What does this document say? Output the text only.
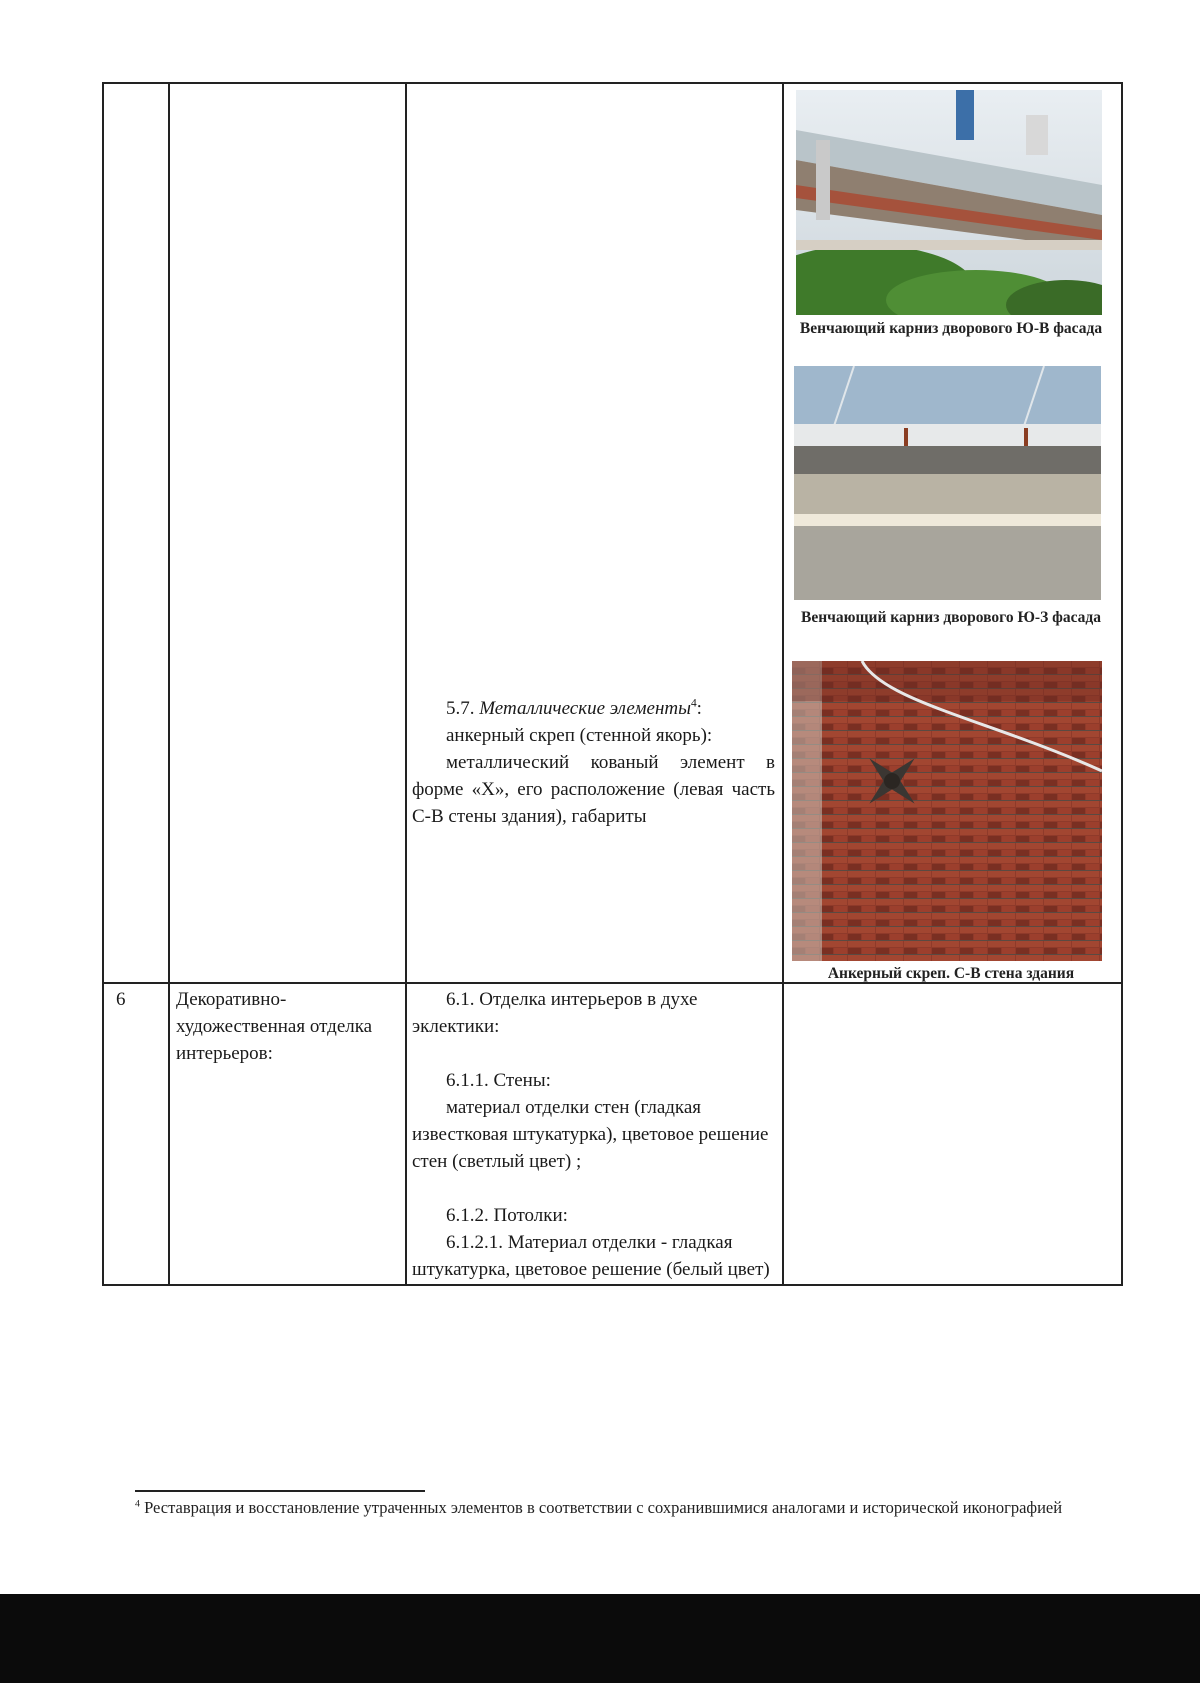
5.7. Металлические элементы$^4$:
анкерный скреп (стенной якорь):
металлический кованый элемент в форме «Х», его расположение (левая часть С-В стены здания), габариты
Венчающий карниз дворового Ю-В фасада
Венчающий карниз дворового Ю-З фасада
Анкерный скреп. С-В стена здания
6	Декоративно-художественная отделка интерьеров:
6.1. Отделка интерьеров в духе эклектики:
6.1.1. Стены:
материал отделки стен (гладкая известковая штукатурка), цветовое решение стен (светлый цвет) ;
6.1.2. Потолки:
6.1.2.1. Материал отделки - гладкая штукатурка, цветовое решение (белый цвет)
$^4$ Реставрация и восстановление утраченных элементов в соответствии с сохранившимися аналогами и исторической иконографией
